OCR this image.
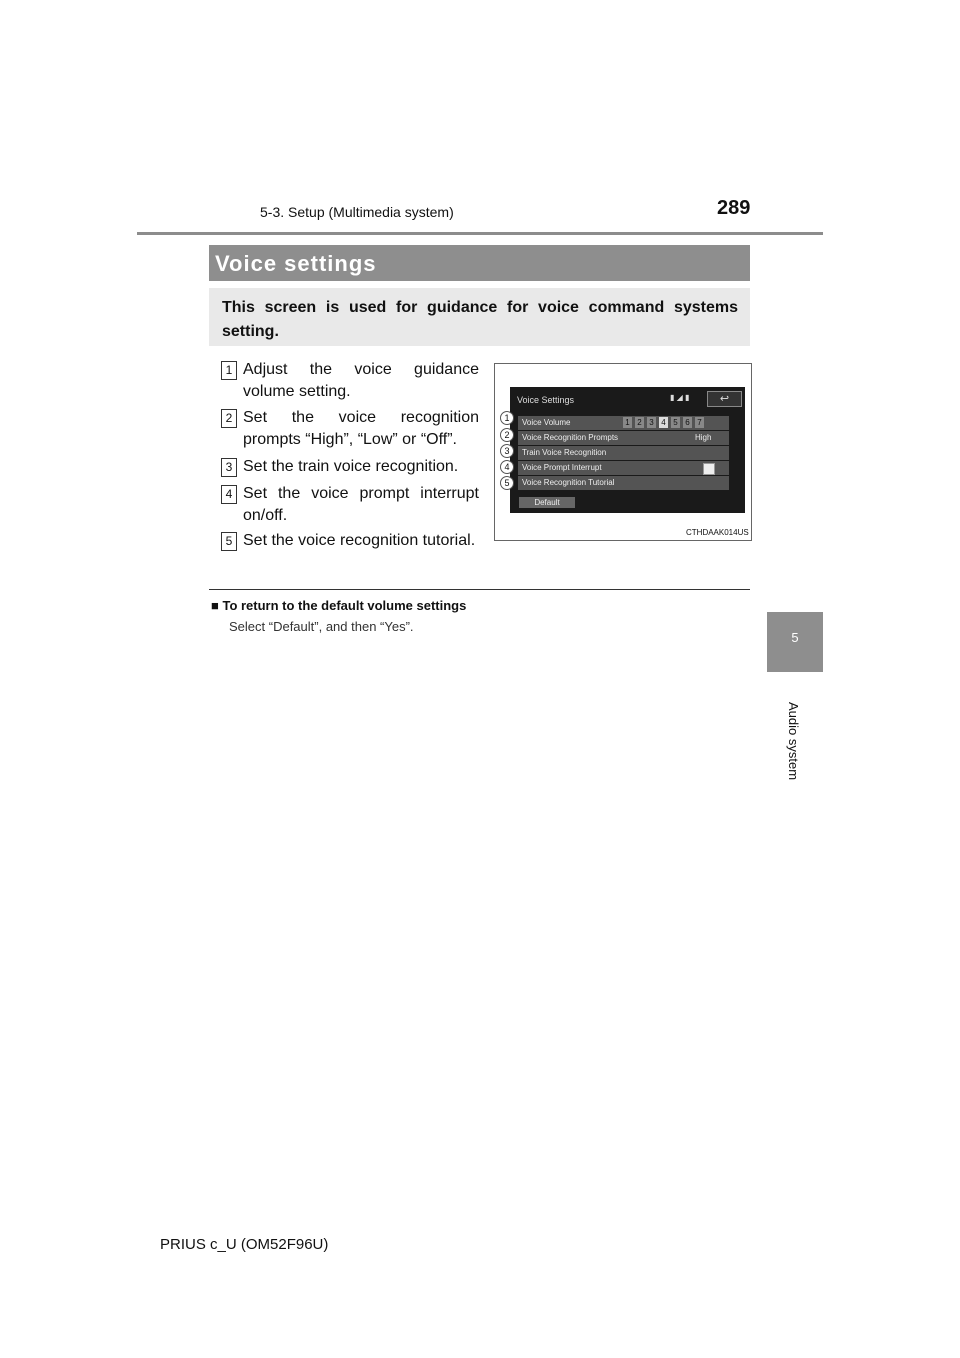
5-3. Setup (Multimedia system)	289
5
Audio system
Voice settings
This screen is used for guidance for voice command systems setting.
1 Adjust the voice guidance volume setting.
2 Set the voice recognition prompts “High”, “Low” or “Off”.
3 Set the train voice recognition.
4 Set the voice prompt interrupt on/off.
5 Set the voice recognition tutorial.
Voice Settings	▮ ◢ ▮	↩
Voice Volume
Voice Recognition Prompts
Train Voice Recognition
Voice Prompt Interrupt
Voice Recognition Tutorial
1 2 3 4 5 6 7
High
Default
1
2
3
4
5
CTHDAAK014US
■ To return to the default volume settings
Select “Default”, and then “Yes”.
PRIUS c_U (OM52F96U)
